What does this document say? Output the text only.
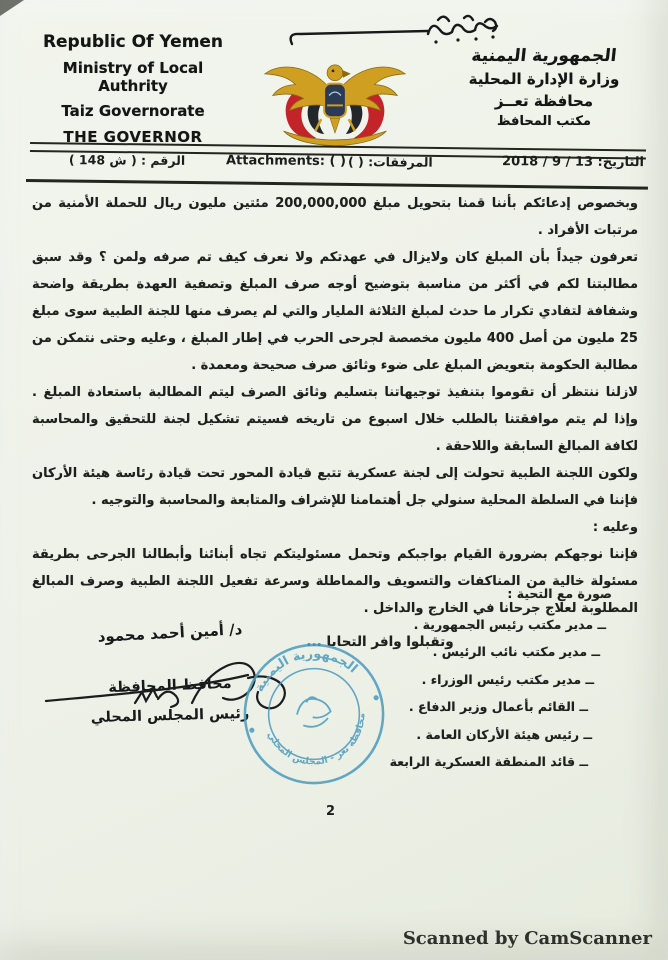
Republic Of Yemen
Ministry of Local Authrity
Taiz Governorate
THE GOVERNOR
الجمهورية اليمنية
وزارة الإدارة المحلية
محافظة تعــز
مكتب المحافظ
الرقم : ( ش 148 )	Attachments: ( ) المرفقات: ( )	التاريخ: 13 / 9 / 2018

وبخصوص إدعائكم بأننا قمنا بتحويل مبلغ 200,000,000 مئتين مليون ريال للحملة الأمنية من مرتبات الأفراد .

تعرفون جيداً بأن المبلغ كان ولايزال في عهدتكم ولا نعرف كيف تم صرفه ولمن ؟ وقد سبق مطالبتنا لكم في أكثر من مناسبة بتوضيح أوجه صرف المبلغ وتصفية العهدة بطريقة واضحة وشفافة لتفادي تكرار ما حدث لمبلغ الثلاثة المليار والتي لم يصرف منها للجنة الطبية سوى مبلغ 25 مليون من أصل 400 مليون مخصصة لجرحى الحرب في إطار المبلغ ، وعليه وحتى نتمكن من مطالبة الحكومة بتعويض المبلغ على ضوء وثائق صرف صحيحة ومعمدة .

لازلنا ننتظر أن تقوموا بتنفيذ توجيهاتنا بتسليم وثائق الصرف ليتم المطالبة باستعادة المبلغ . وإذا لم يتم موافقتنا بالطلب خلال اسبوع من تاريخه فسيتم تشكيل لجنة للتحقيق والمحاسبة لكافة المبالغ السابقة واللاحقة .

ولكون اللجنة الطبية تحولت إلى لجنة عسكرية تتبع قيادة المحور تحت قيادة رئاسة هيئة الأركان فإننا في السلطة المحلية سنولي جل أهتمامنا للإشراف والمتابعة والمحاسبة والتوجيه .

وعليه :

فإننا نوجهكم بضرورة القيام بواجبكم وتحمل مسئوليتكم تجاه أبنائنا وأبطالنا الجرحى بطريقة مسئولة خالية من المناكفات والتسويف والمماطلة وسرعة تفعيل اللجنة الطبية وصرف المبالغ المطلوبة لعلاج جرحانا في الخارج والداخل .

وتقبلوا وافر التحايا ...
صورة مع التحية :
ــ مدير مكتب رئيس الجمهورية .
ــ مدير مكتب نائب الرئيس .
ــ مدير مكتب رئيس الوزراء .
ــ القائم بأعمال وزير الدفاع .
ــ رئيس هيئة الأركان العامة .
ــ قائد المنطقة العسكرية الرابعة
د/ أمين أحمد محمود
محافظ المحافظة
رئيس المجلس المحلي
الجمهورية اليمنية
محافظة تعز - المجلس المحلي
2
Scanned by CamScanner
